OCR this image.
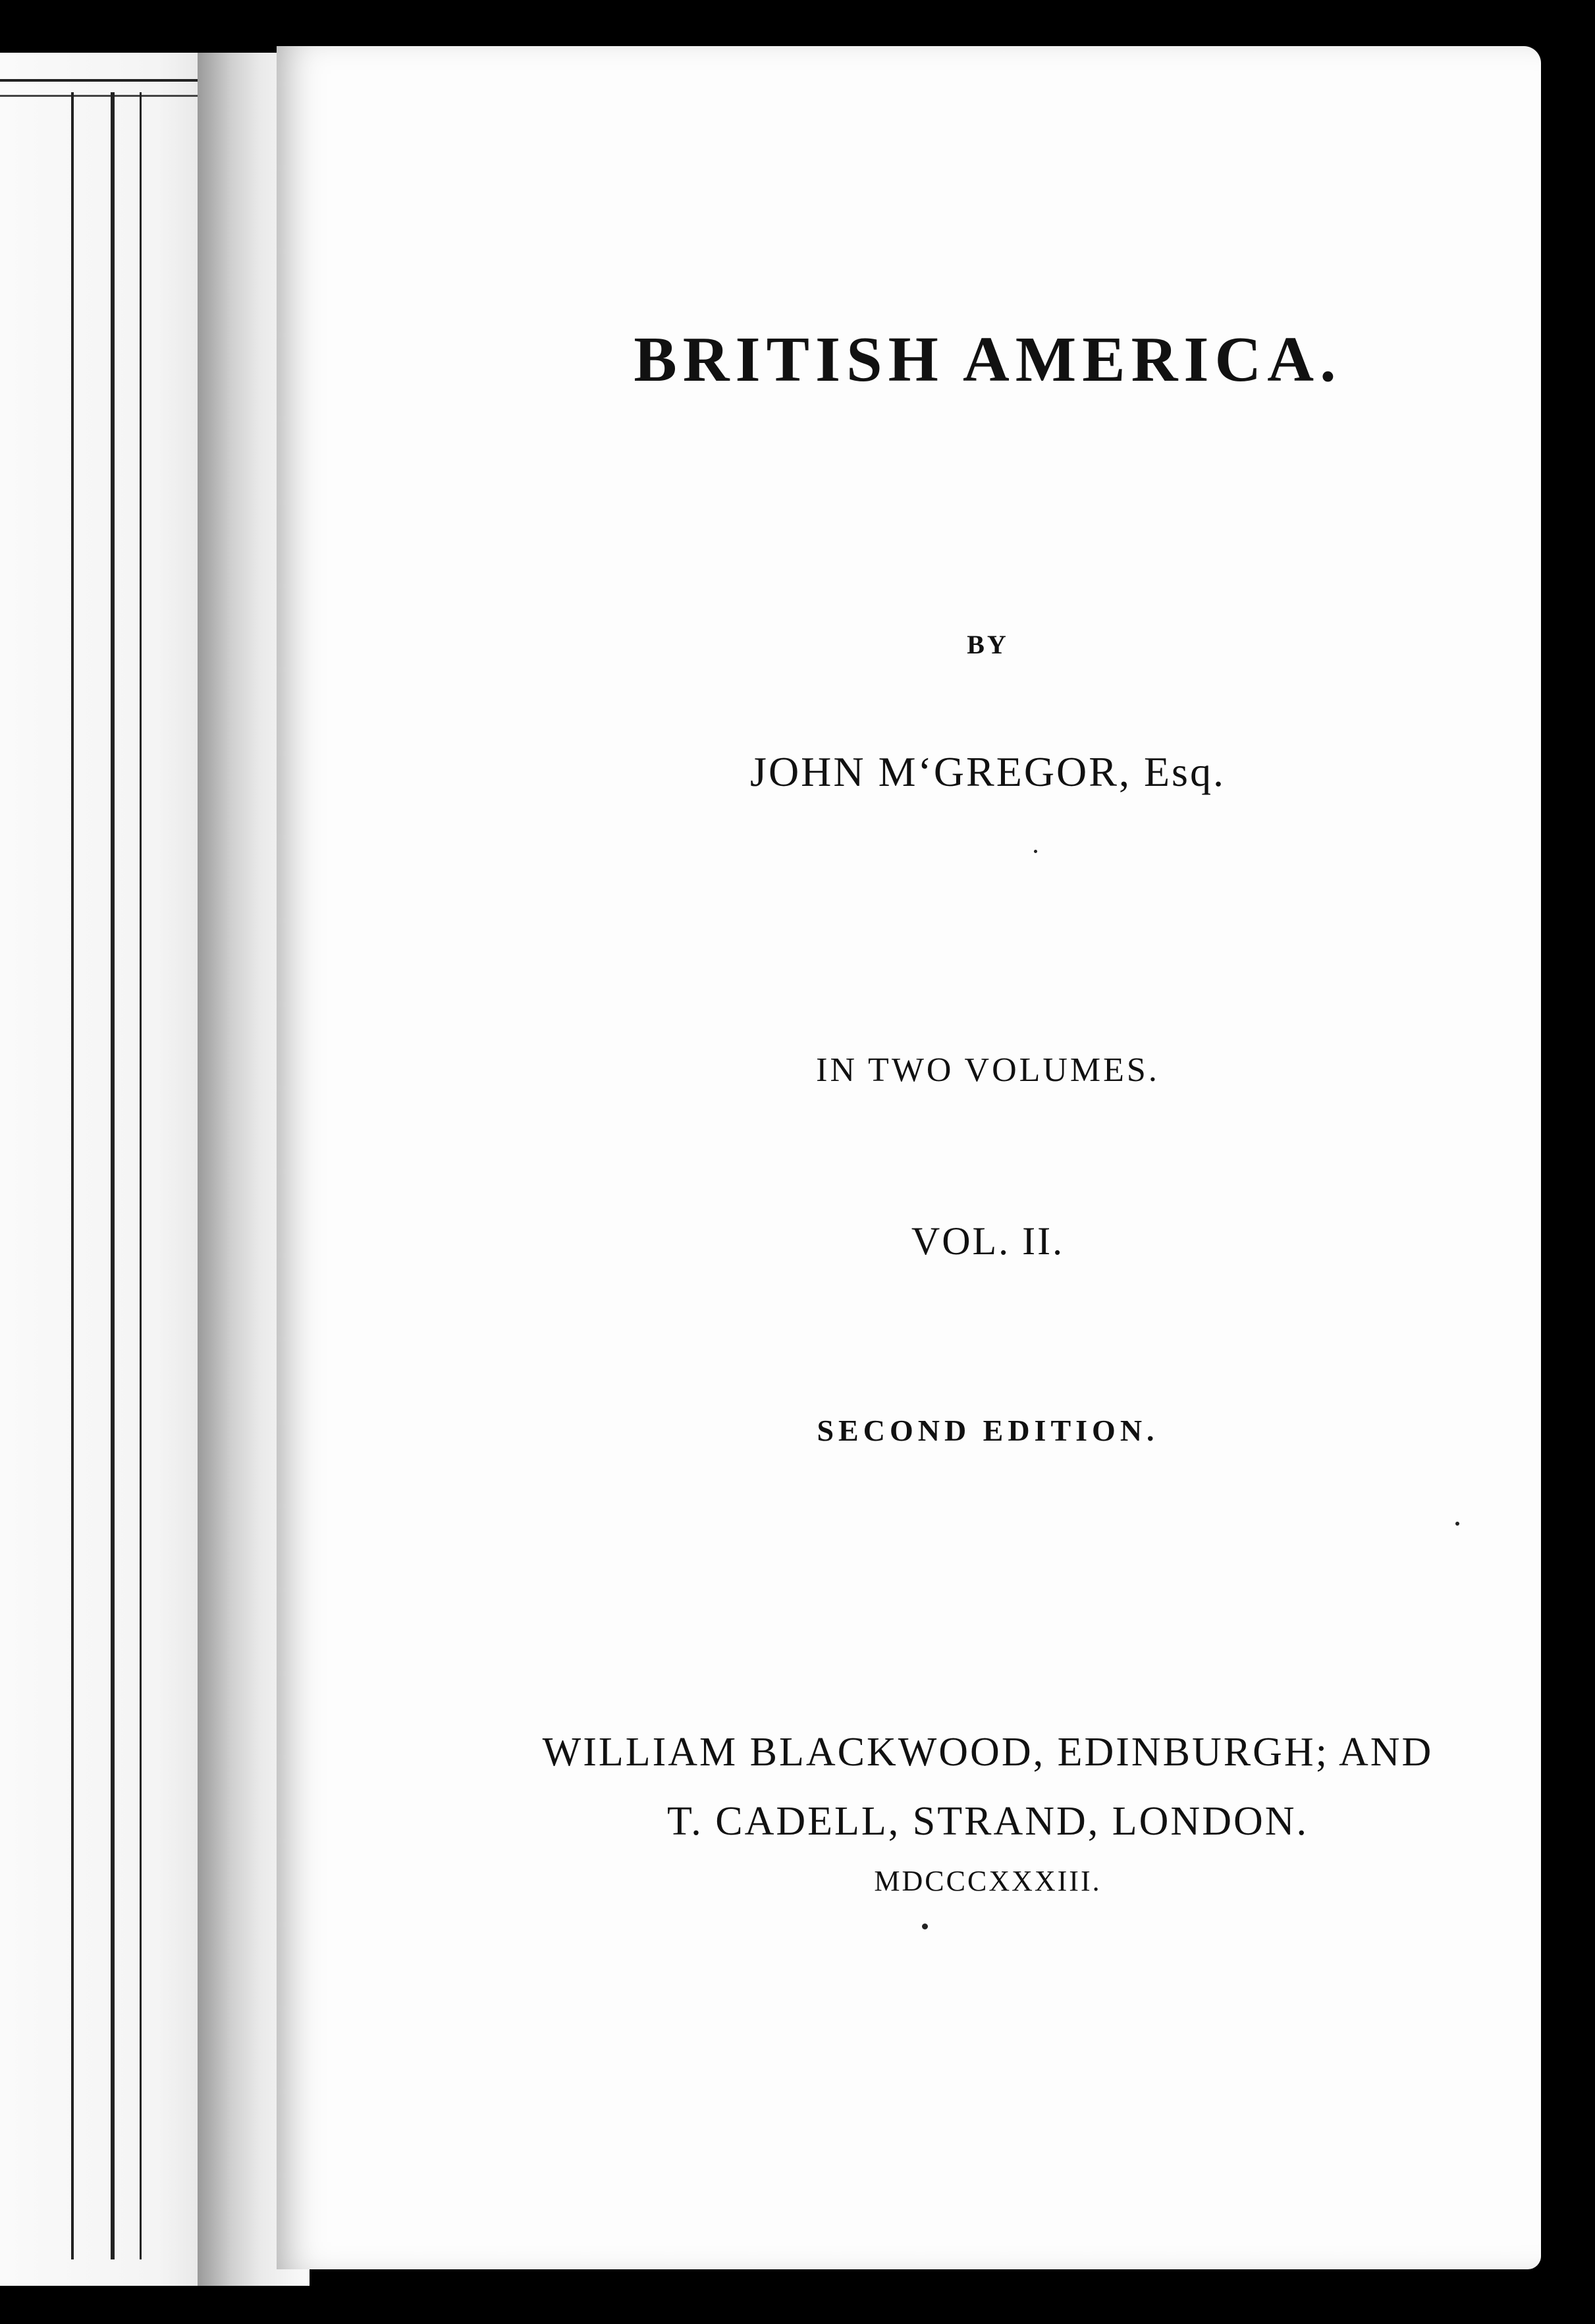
BRITISH AMERICA.
BY
JOHN M‘GREGOR, Esq.
IN TWO VOLUMES.
VOL. II.
SECOND EDITION.
WILLIAM BLACKWOOD, EDINBURGH; AND
T. CADELL, STRAND, LONDON.
MDCCCXXXIII.
